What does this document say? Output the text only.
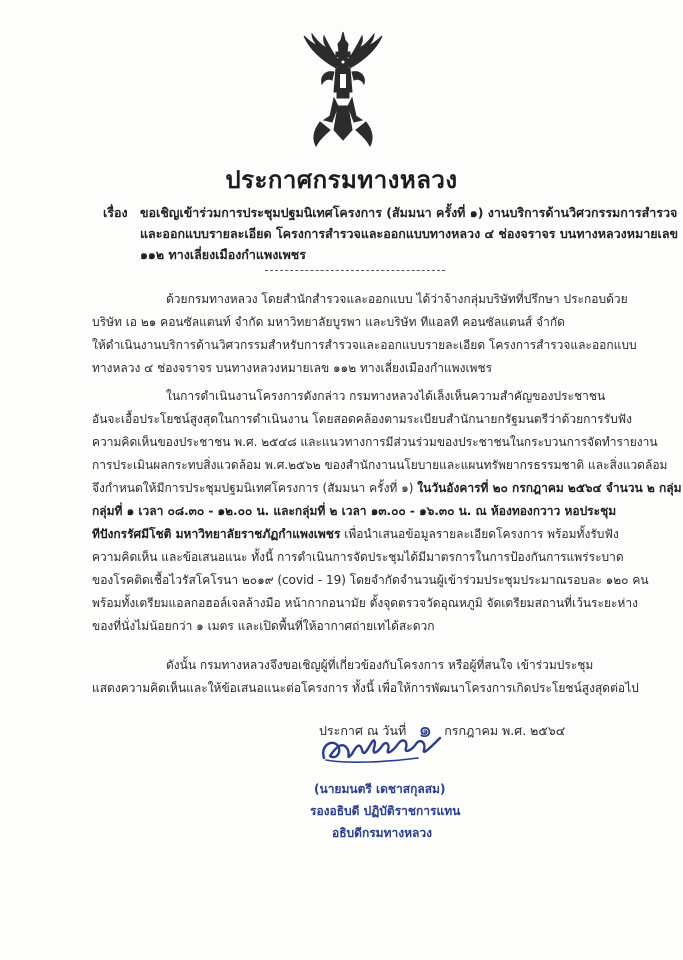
ประกาศกรมทางหลวง
เรื่อง ขอเชิญเข้าร่วมการประชุมปฐมนิเทศโครงการ (สัมมนา ครั้งที่ ๑) งานบริการด้านวิศวกรรมการสำรวจ
และออกแบบรายละเอียด โครงการสำรวจและออกแบบทางหลวง ๔ ช่องจราจร บนทางหลวงหมายเลข
๑๑๒ ทางเลี่ยงเมืองกำแพงเพชร
ด้วยกรมทางหลวง โดยสำนักสำรวจและออกแบบ ได้ว่าจ้างกลุ่มบริษัทที่ปรึกษา ประกอบด้วย
บริษัท เอ ๒๑ คอนซัลแตนท์ จำกัด มหาวิทยาลัยบูรพา และบริษัท ทีแอลที คอนซัลแตนส์ จำกัด
ให้ดำเนินงานบริการด้านวิศวกรรมสำหรับการสำรวจและออกแบบรายละเอียด โครงการสำรวจและออกแบบ
ทางหลวง ๔ ช่องจราจร บนทางหลวงหมายเลข ๑๑๒ ทางเลี่ยงเมืองกำแพงเพชร
ในการดำเนินงานโครงการดังกล่าว กรมทางหลวงได้เล็งเห็นความสำคัญของประชาชน
อันจะเอื้อประโยชน์สูงสุดในการดำเนินงาน โดยสอดคล้องตามระเบียบสำนักนายกรัฐมนตรีว่าด้วยการรับฟัง
ความคิดเห็นของประชาชน พ.ศ. ๒๕๔๘ และแนวทางการมีส่วนร่วมของประชาชนในกระบวนการจัดทำรายงาน
การประเมินผลกระทบสิ่งแวดล้อม พ.ศ.๒๕๖๒ ของสำนักงานนโยบายและแผนทรัพยากรธรรมชาติ และสิ่งแวดล้อม
จึงกำหนดให้มีการประชุมปฐมนิเทศโครงการ (สัมมนา ครั้งที่ ๑) ในวันอังคารที่ ๒๐ กรกฎาคม ๒๕๖๔ จำนวน ๒ กลุ่ม
กลุ่มที่ ๑ เวลา ๐๘.๓๐ - ๑๒.๐๐ น. และกลุ่มที่ ๒ เวลา ๑๓.๐๐ - ๑๖.๓๐ น. ณ ห้องทองกวาว หอประชุม
ทีปังกรรัศมีโชติ มหาวิทยาลัยราชภัฏกำแพงเพชร เพื่อนำเสนอข้อมูลรายละเอียดโครงการ พร้อมทั้งรับฟัง
ความคิดเห็น และข้อเสนอแนะ ทั้งนี้ การดำเนินการจัดประชุมได้มีมาตรการในการป้องกันการแพร่ระบาด
ของโรคติดเชื้อไวรัสโคโรนา ๒๐๑๙ (covid - 19) โดยจำกัดจำนวนผู้เข้าร่วมประชุมประมาณรอบละ ๑๒๐ คน
พร้อมทั้งเตรียมแอลกอฮอล์เจลล้างมือ หน้ากากอนามัย ตั้งจุดตรวจวัดอุณหภูมิ จัดเตรียมสถานที่เว้นระยะห่าง
ของที่นั่งไม่น้อยกว่า ๑ เมตร และเปิดพื้นที่ให้อากาศถ่ายเทได้สะดวก
ดังนั้น กรมทางหลวงจึงขอเชิญผู้ที่เกี่ยวข้องกับโครงการ หรือผู้ที่สนใจ เข้าร่วมประชุม
แสดงความคิดเห็นและให้ข้อเสนอแนะต่อโครงการ ทั้งนี้ เพื่อให้การพัฒนาโครงการเกิดประโยชน์สูงสุดต่อไป
ประกาศ ณ วันที่ ๑ กรกฎาคม พ.ศ. ๒๕๖๔
(นายมนตรี เดชาสกุลสม)
รองอธิบดี ปฏิบัติราชการแทน
อธิบดีกรมทางหลวง
